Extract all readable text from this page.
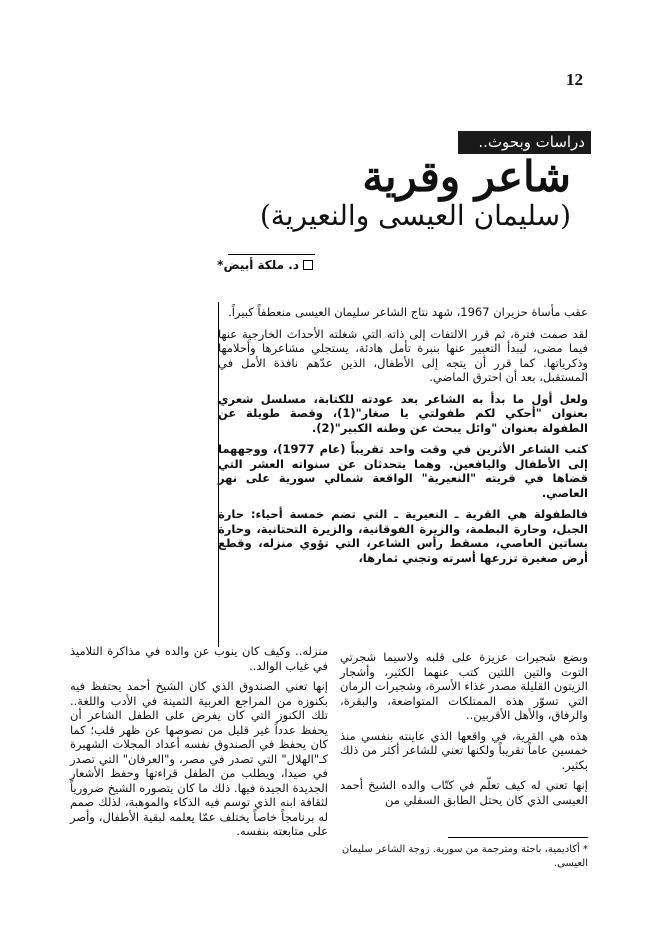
12
دراسات وبحوث..
شاعر وقرية
(سليمان العيسى والنعيرية)
د. ملكة أبيض*

عقب مأساة حزيران 1967، شهد نتاج الشاعر سليمان العيسى منعطفاً كبيراً.

لقد صمت فترة، ثم قرر الالتفات إلى ذاته التي شغلته الأحداث الخارجية عنها فيما مضى، ليبدأ التعبير عنها بنبرة تأمل هادئة، يستجلي مشاعرها وأحلامها وذكرياتها. كما قرر أن يتجه إلى الأطفال، الذين عدّهم نافذة الأمل في المستقبل، بعد أن احترق الماضي.

ولعل أول ما بدأ به الشاعر بعد عودته للكتابة، مسلسل شعري بعنوان "أحكي لكم طفولتي يا صغار"(1)، وقصة طويلة عن الطفولة بعنوان "وائل يبحث عن وطنه الكبير"(2).

كتب الشاعر الأثرين في وقت واحد تقريباً (عام 1977)، ووجههما إلى الأطفال واليافعين. وهما يتحدثان عن سنواته العشر التي قضاها في قريته "النعيرية" الواقعة شمالي سورية على نهر العاصي.

فالطفولة هي القرية ـ النعيرية ـ التي تضم خمسة أحياء: حارة الجبل، وحارة البطمة، والزيرة الفوقانية، والزيرة التحتانية، وحارة بساتين العاصي، مسقط رأس الشاعر، التي تؤوي منزله، وقطع أرض صغيرة تزرعها أسرته وتجني ثمارها،

وبضع شجيرات عزيزة على قلبه ولاسيما شجرتي التوت والتين اللتين كتب عنهما الكثير، وأشجار الزيتون القليلة مصدر غذاء الأسرة، وشجيرات الرمان التي تسوّر هذه الممتلكات المتواضعة، والبقرة، والرفاق، والأهل الأقربين..

هذه هي القرية، في واقعها الذي عاينته بنفسي منذ خمسين عاماً تقريباً ولكنها تعني للشاعر أكثر من ذلك بكثير.

إنها تعني له كيف تعلّم في كتّاب والده الشيخ أحمد العيسى الذي كان يحتل الطابق السفلي من

منزله.. وكيف كان ينوب عن والده في مذاكرة التلاميذ في غياب الوالد..

إنها تعني الصندوق الذي كان الشيخ أحمد يحتفظ فيه بكنوزه من المراجع العربية الثمينة في الأدب واللغة.. تلك الكنوز التي كان يفرض على الطفل الشاعر أن يحفظ عدداً غير قليل من نصوصها عن ظهر قلب؛ كما كان يحفظ في الصندوق نفسه أعداد المجلات الشهيرة كـ"الهلال" التي تصدر في مصر، و"العرفان" التي تصدر في صيدا، ويطلب من الطفل قراءتها وحفظ الأشعار الجديدة الجيدة فيها. ذلك ما كان يتصوره الشيخ ضرورياً لثقافة ابنه الذي توسم فيه الذكاء والموهبة، لذلك صمم له برنامجاً خاصاً يختلف عمّا يعلمه لبقية الأطفال، وأصر على متابعته بنفسه.

* أكاديمية، باحثة ومترجمة من سورية. زوجة الشاعر سليمان العيسى.
